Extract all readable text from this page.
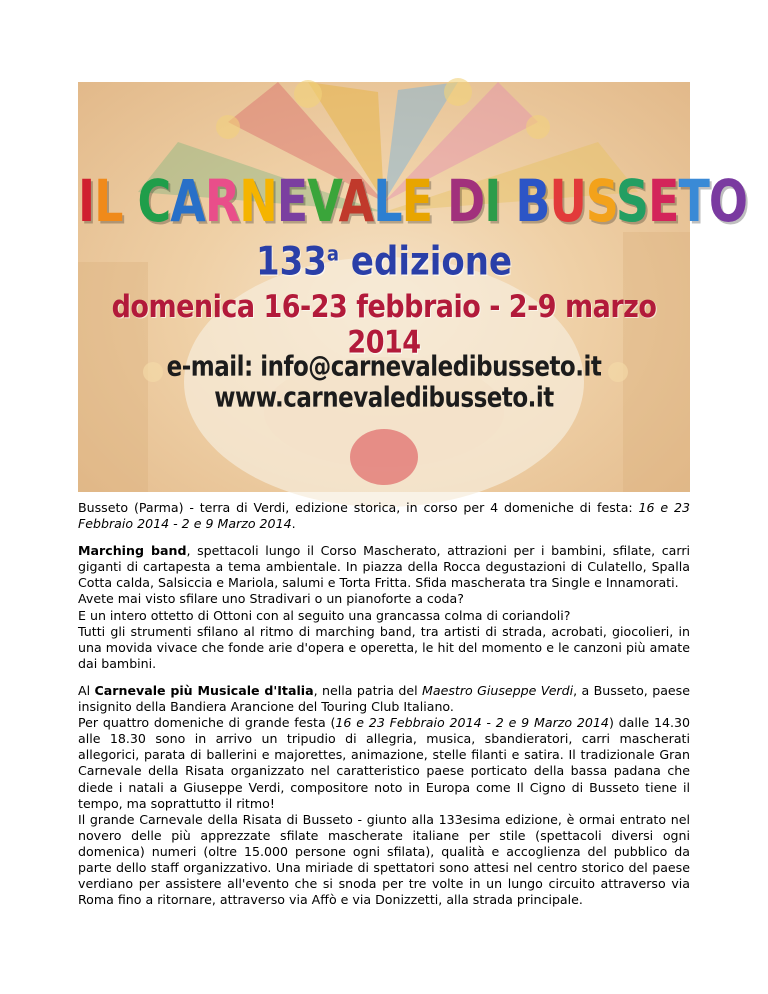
IL CARNEVALE DI BUSSETO
133$^a$ edizione
domenica 16-23 febbraio - 2-9 marzo 2014
e-mail: info@carnevaledibusseto.it
www.carnevaledibusseto.it

Busseto (Parma) - terra di Verdi, edizione storica, in corso per 4 domeniche di festa: 16 e 23 Febbraio 2014 - 2 e 9 Marzo 2014.

Marching band, spettacoli lungo il Corso Mascherato, attrazioni per i bambini, sfilate, carri giganti di cartapesta a tema ambientale. In piazza della Rocca degustazioni di Culatello, Spalla Cotta calda, Salsiccia e Mariola, salumi e Torta Fritta. Sfida mascherata tra Single e Innamorati.
Avete mai visto sfilare uno Stradivari o un pianoforte a coda?
E un intero ottetto di Ottoni con al seguito una grancassa colma di coriandoli?
Tutti gli strumenti sfilano al ritmo di marching band, tra artisti di strada, acrobati, giocolieri, in una movida vivace che fonde arie d'opera e operetta, le hit del momento e le canzoni più amate dai bambini.

Al Carnevale più Musicale d'Italia, nella patria del Maestro Giuseppe Verdi, a Busseto, paese insignito della Bandiera Arancione del Touring Club Italiano.
Per quattro domeniche di grande festa (16 e 23 Febbraio 2014 - 2 e 9 Marzo 2014) dalle 14.30 alle 18.30 sono in arrivo un tripudio di allegria, musica, sbandieratori, carri mascherati allegorici, parata di ballerini e majorettes, animazione, stelle filanti e satira. Il tradizionale Gran Carnevale della Risata organizzato nel caratteristico paese porticato della bassa padana che diede i natali a Giuseppe Verdi, compositore noto in Europa come Il Cigno di Busseto tiene il tempo, ma soprattutto il ritmo!
Il grande Carnevale della Risata di Busseto - giunto alla 133esima edizione, è ormai entrato nel novero delle più apprezzate sfilate mascherate italiane per stile (spettacoli diversi ogni domenica) numeri (oltre 15.000 persone ogni sfilata), qualità e accoglienza del pubblico da parte dello staff organizzativo. Una miriade di spettatori sono attesi nel centro storico del paese verdiano per assistere all'evento che si snoda per tre volte in un lungo circuito attraverso via Roma fino a ritornare, attraverso via Affò e via Donizzetti, alla strada principale.
